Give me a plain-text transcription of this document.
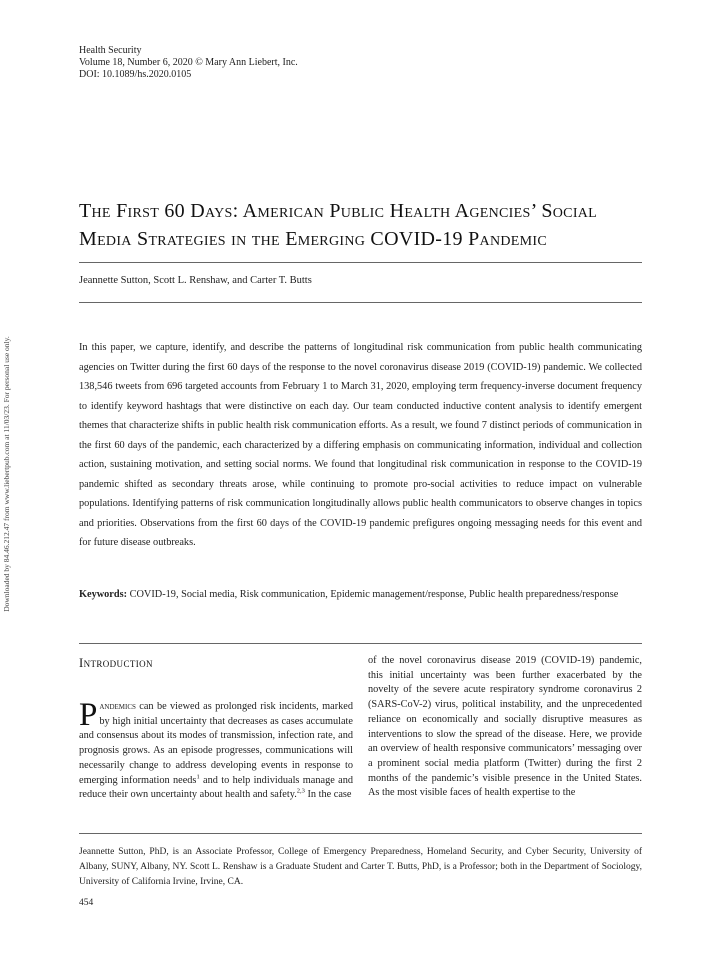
Downloaded by 84.46.212.47 from www.liebertpub.com at 11/03/23. For personal use only.
Health Security
Volume 18, Number 6, 2020 © Mary Ann Liebert, Inc.
DOI: 10.1089/hs.2020.0105
The First 60 Days: American Public Health Agencies’ Social Media Strategies in the Emerging COVID-19 Pandemic
Jeannette Sutton, Scott L. Renshaw, and Carter T. Butts

In this paper, we capture, identify, and describe the patterns of longitudinal risk communication from public health communicating agencies on Twitter during the first 60 days of the response to the novel coronavirus disease 2019 (COVID-19) pandemic. We collected 138,546 tweets from 696 targeted accounts from February 1 to March 31, 2020, employing term frequency-inverse document frequency to identify keyword hashtags that were distinctive on each day. Our team conducted inductive content analysis to identify emergent themes that characterize shifts in public health risk communication efforts. As a result, we found 7 distinct periods of communication in the first 60 days of the pandemic, each characterized by a differing emphasis on communicating information, individual and collection action, sustaining motivation, and setting social norms. We found that longitudinal risk communication in response to the COVID-19 pandemic shifted as secondary threats arose, while continuing to promote pro-social activities to reduce impact on vulnerable populations. Identifying patterns of risk communication longitudinally allows public health communicators to observe changes in topics and priorities. Observations from the first 60 days of the COVID-19 pandemic prefigures ongoing messaging needs for this event and for future disease outbreaks.

Keywords: COVID-19, Social media, Risk communication, Epidemic management/response, Public health preparedness/response
Introduction

Pandemics can be viewed as prolonged risk incidents, marked by high initial uncertainty that decreases as cases accumulate and consensus about its modes of transmission, infection rate, and prognosis grows. As an episode progresses, communications will necessarily change to address developing events in response to emerging information needs$^1$ and to help individuals manage and reduce their own uncertainty about health and safety.$^{2,3}$ In the case

of the novel coronavirus disease 2019 (COVID-19) pandemic, this initial uncertainty was been further exacerbated by the novelty of the severe acute respiratory syndrome coronavirus 2 (SARS-CoV-2) virus, political instability, and the unprecedented reliance on economically and socially disruptive measures as interventions to slow the spread of the disease. Here, we provide an overview of health responsive communicators’ messaging over a prominent social media platform (Twitter) during the first 2 months of the pandemic’s visible presence in the United States. As the most visible faces of health expertise to the

Jeannette Sutton, PhD, is an Associate Professor, College of Emergency Preparedness, Homeland Security, and Cyber Security, University of Albany, SUNY, Albany, NY. Scott L. Renshaw is a Graduate Student and Carter T. Butts, PhD, is a Professor; both in the Department of Sociology, University of California Irvine, Irvine, CA.

454
